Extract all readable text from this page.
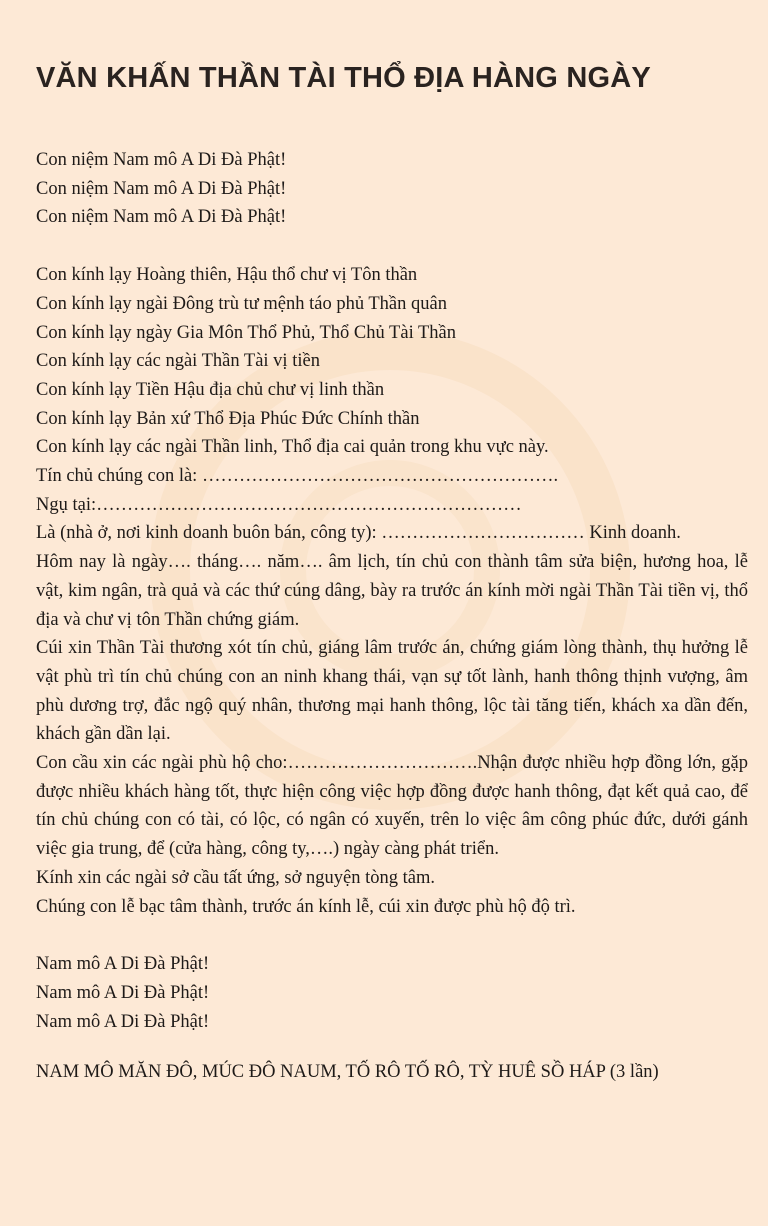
VĂN KHẤN THẦN TÀI THỔ ĐỊA HÀNG NGÀY
Con niệm Nam mô A Di Đà Phật!
Con niệm Nam mô A Di Đà Phật!
Con niệm Nam mô A Di Đà Phật!
Con kính lạy Hoàng thiên, Hậu thổ chư vị Tôn thần
Con kính lạy ngài Đông trù tư mệnh táo phủ Thần quân
Con kính lạy ngày Gia Môn Thổ Phủ, Thổ Chủ Tài Thần
Con kính lạy các ngài Thần Tài vị tiền
Con kính lạy Tiền Hậu địa chủ chư vị linh thần
Con kính lạy Bản xứ Thổ Địa Phúc Đức Chính thần
Con kính lạy các ngài Thần linh, Thổ địa cai quản trong khu vực này.
Tín chủ chúng con là: ………………………………………………….
Ngụ tại:……………………………………………………………
Là (nhà ở, nơi kinh doanh buôn bán, công ty): …………………………… Kinh doanh.
Hôm nay là ngày…. tháng…. năm…. âm lịch, tín chủ con thành tâm sửa biện, hương hoa, lễ vật, kim ngân, trà quả và các thứ cúng dâng, bày ra trước án kính mời ngài Thần Tài tiền vị, thổ địa và chư vị tôn Thần chứng giám.
Cúi xin Thần Tài thương xót tín chủ, giáng lâm trước án, chứng giám lòng thành, thụ hưởng lễ vật phù trì tín chủ chúng con an ninh khang thái, vạn sự tốt lành, hanh thông thịnh vượng, âm phù dương trợ, đắc ngộ quý nhân, thương mại hanh thông, lộc tài tăng tiến, khách xa dần đến, khách gần dần lại.
Con cầu xin các ngài phù hộ cho:………………………….Nhận được nhiều hợp đồng lớn, gặp được nhiều khách hàng tốt, thực hiện công việc hợp đồng được hanh thông, đạt kết quả cao, để tín chủ chúng con có tài, có lộc, có ngân có xuyến, trên lo việc âm công phúc đức, dưới gánh việc gia trung, để (cửa hàng, công ty,….) ngày càng phát triển.
Kính xin các ngài sở cầu tất ứng, sở nguyện tòng tâm.
Chúng con lễ bạc tâm thành, trước án kính lễ, cúi xin được phù hộ độ trì.
Nam mô A Di Đà Phật!
Nam mô A Di Đà Phật!
Nam mô A Di Đà Phật!
NAM MÔ MĂN ĐÔ, MÚC ĐÔ NAUM, TỐ RÔ TỐ RÔ, TỲ HUÊ SỒ HÁP (3 lần)
